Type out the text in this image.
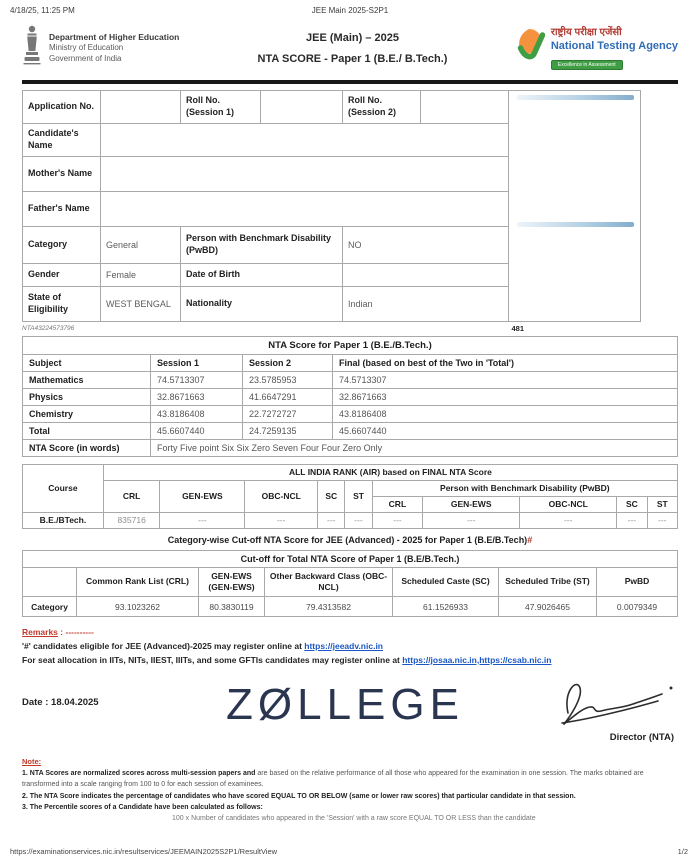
JEE Main 2025-S2P1
4/18/25, 11:25 PM
Department of Higher Education
Ministry of Education
Government of India
JEE (Main) – 2025
NTA SCORE - Paper 1 (B.E./ B.Tech.)
राष्ट्रीय परीक्षा एजेंसी
National Testing Agency
Excellence in Assessment
Application No.		Roll No. (Session 1)		Roll No. (Session 2)		

Candidate's Name						
Mother's Name						
Father's Name						
Category	General	Person with Benchmark Disability (PwBD)		NO		
Gender	Female	Date of Birth				
State of Eligibility	WEST BENGAL	Nationality		Indian		
NTA43224573796	481
NTA Score for Paper 1 (B.E./B.Tech.)			
Subject	Session 1	Session 2	Final (based on best of the Two in 'Total')
Mathematics	74.5713307	23.5785953	74.5713307
Physics	32.8671663	41.6647291	32.8671663
Chemistry	43.8186408	22.7272727	43.8186408
Total	45.6607440	24.7259135	45.6607440
NTA Score (in words)	Forty Five point Six Six Zero Seven Four Four Zero Only		
Course	ALL INDIA RANK (AIR) based on FINAL NTA Score									
	CRL	GEN-EWS	OBC-NCL	SC	ST	Person with Benchmark Disability (PwBD)				
						CRL	GEN-EWS	OBC-NCL	SC	ST
B.E./BTech.	835716	---	---	---	---	---	---	---	---	---
Category-wise Cut-off NTA Score for JEE (Advanced) - 2025 for Paper 1 (B.E/B.Tech)#
Cut-off for Total NTA Score of Paper 1 (B.E/B.Tech.)						
	Common Rank List (CRL)	GEN-EWS (GEN-EWS)	Other Backward Class (OBC-NCL)	Scheduled Caste (SC)	Scheduled Tribe (ST)	PwBD
Category	93.1023262	80.3830119	79.4313582	61.1526933	47.9026465	0.0079349
Remarks : ----------
'#' candidates eligible for JEE (Advanced)-2025 may register online at https://jeeadv.nic.in
For seat allocation in IITs, NITs, IIEST, IIITs, and some GFTIs candidates may register online at https://josaa.nic.in,https://csab.nic.in
Date : 18.04.2025	ZØLLEGE
Director (NTA)
Note:
1. NTA Scores are normalized scores across multi-session papers and are based on the relative performance of all those who appeared for the examination in one session. The marks obtained are transformed into a scale ranging from 100 to 0 for each session of examinees.
2. The NTA Score indicates the percentage of candidates who have scored EQUAL TO OR BELOW (same or lower raw scores) that particular candidate in that session.
3. The Percentile scores of a Candidate have been calculated as follows:
100 x Number of candidates who appeared in the 'Session' with a raw score EQUAL TO OR LESS than the candidate
https://examinationservices.nic.in/resultservices/JEEMAIN2025S2P1/ResultView	1/2
